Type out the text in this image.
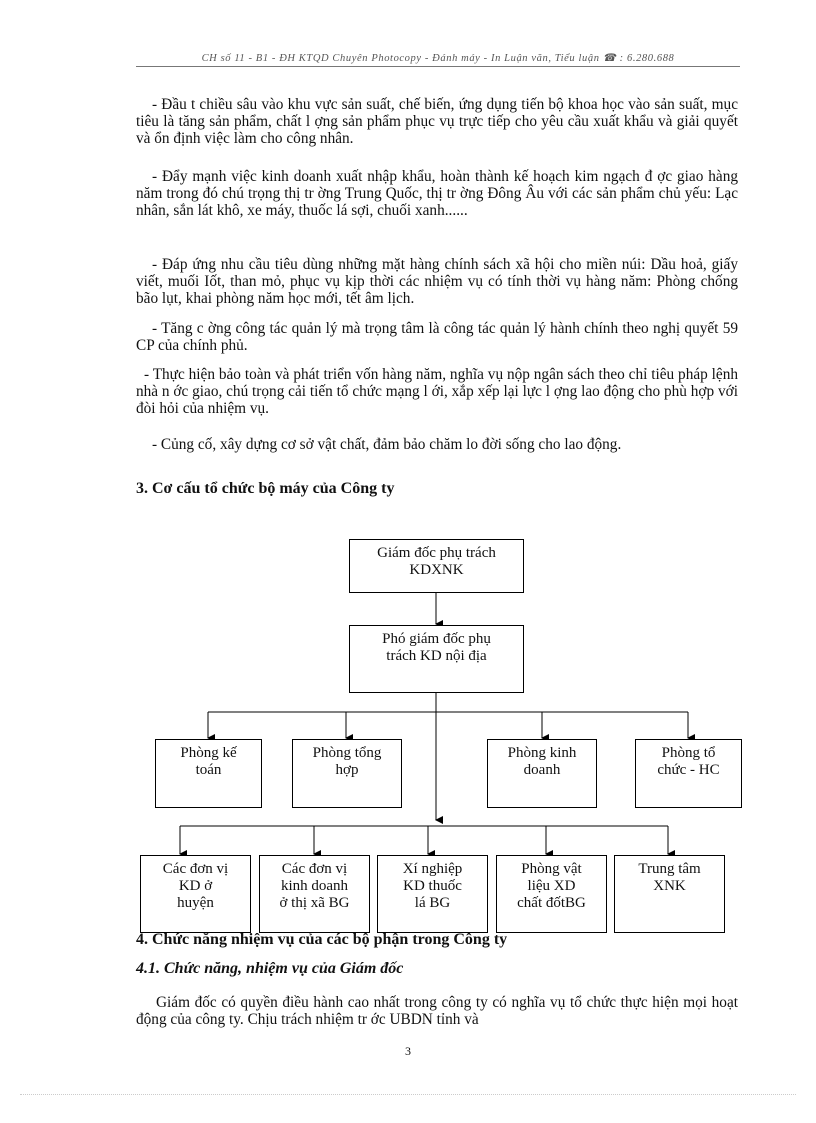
CH số 11 - B1 - ĐH KTQD Chuyên Photocopy - Đánh máy - In Luận văn, Tiểu luận ☎ : 6.280.688

- Đầu t chiều sâu vào khu vực sản suất, chế biến, ứng dụng tiến bộ khoa học vào sản suất, mục tiêu là tăng sản phẩm, chất l ợng sản phẩm phục vụ trực tiếp cho yêu cầu xuất khẩu và giải quyết và ổn định việc làm cho công nhân.

- Đẩy mạnh việc kinh doanh xuất nhập khẩu, hoàn thành kế hoạch kim ngạch đ ợc giao hàng năm trong đó chú trọng thị tr ờng Trung Quốc, thị tr ờng Đông Âu với các sản phẩm chủ yếu: Lạc nhân, sắn lát khô, xe máy, thuốc lá sợi, chuối xanh......

- Đáp ứng nhu cầu tiêu dùng những mặt hàng chính sách xã hội cho miền núi: Dầu hoả, giấy viết, muối Iốt, than mỏ, phục vụ kịp thời các nhiệm vụ có tính thời vụ hàng năm: Phòng chống bão lụt, khai phòng năm học mới, tết âm lịch.

- Tăng c ờng công tác quản lý mà trọng tâm là công tác quản lý hành chính theo nghị quyết 59 CP của chính phủ.

- Thực hiện bảo toàn và phát triển vốn hàng năm, nghĩa vụ nộp ngân sách theo chỉ tiêu pháp lệnh nhà n ớc giao, chú trọng cải tiến tổ chức mạng l ới, xắp xếp lại lực l ợng lao động cho phù hợp với đòi hỏi của nhiệm vụ.

- Củng cố, xây dựng cơ sở vật chất, đảm bảo chăm lo đời sống cho lao động.

3. Cơ cấu tổ chức bộ máy của Công ty

Giám đốc phụ trách
KDXNK
Phó giám đốc phụ
trách KD nội địa
Phòng kế
toán
Phòng tổng
hợp
Phòng kinh
doanh
Phòng tổ
chức - HC
Các đơn vị
KD ở
huyện
Các đơn vị
kinh doanh
ở thị xã BG
Xí nghiệp
KD thuốc
lá BG
Phòng vật
liệu XD
chất đốtBG
Trung tâm
XNK

4. Chức năng nhiệm vụ của các bộ phận trong Công ty

4.1. Chức năng, nhiệm vụ của Giám đốc

Giám đốc có quyền điều hành cao nhất trong công ty có nghĩa vụ tổ chức thực hiện mọi hoạt động của công ty. Chịu trách nhiệm tr ớc UBDN tỉnh và

3
